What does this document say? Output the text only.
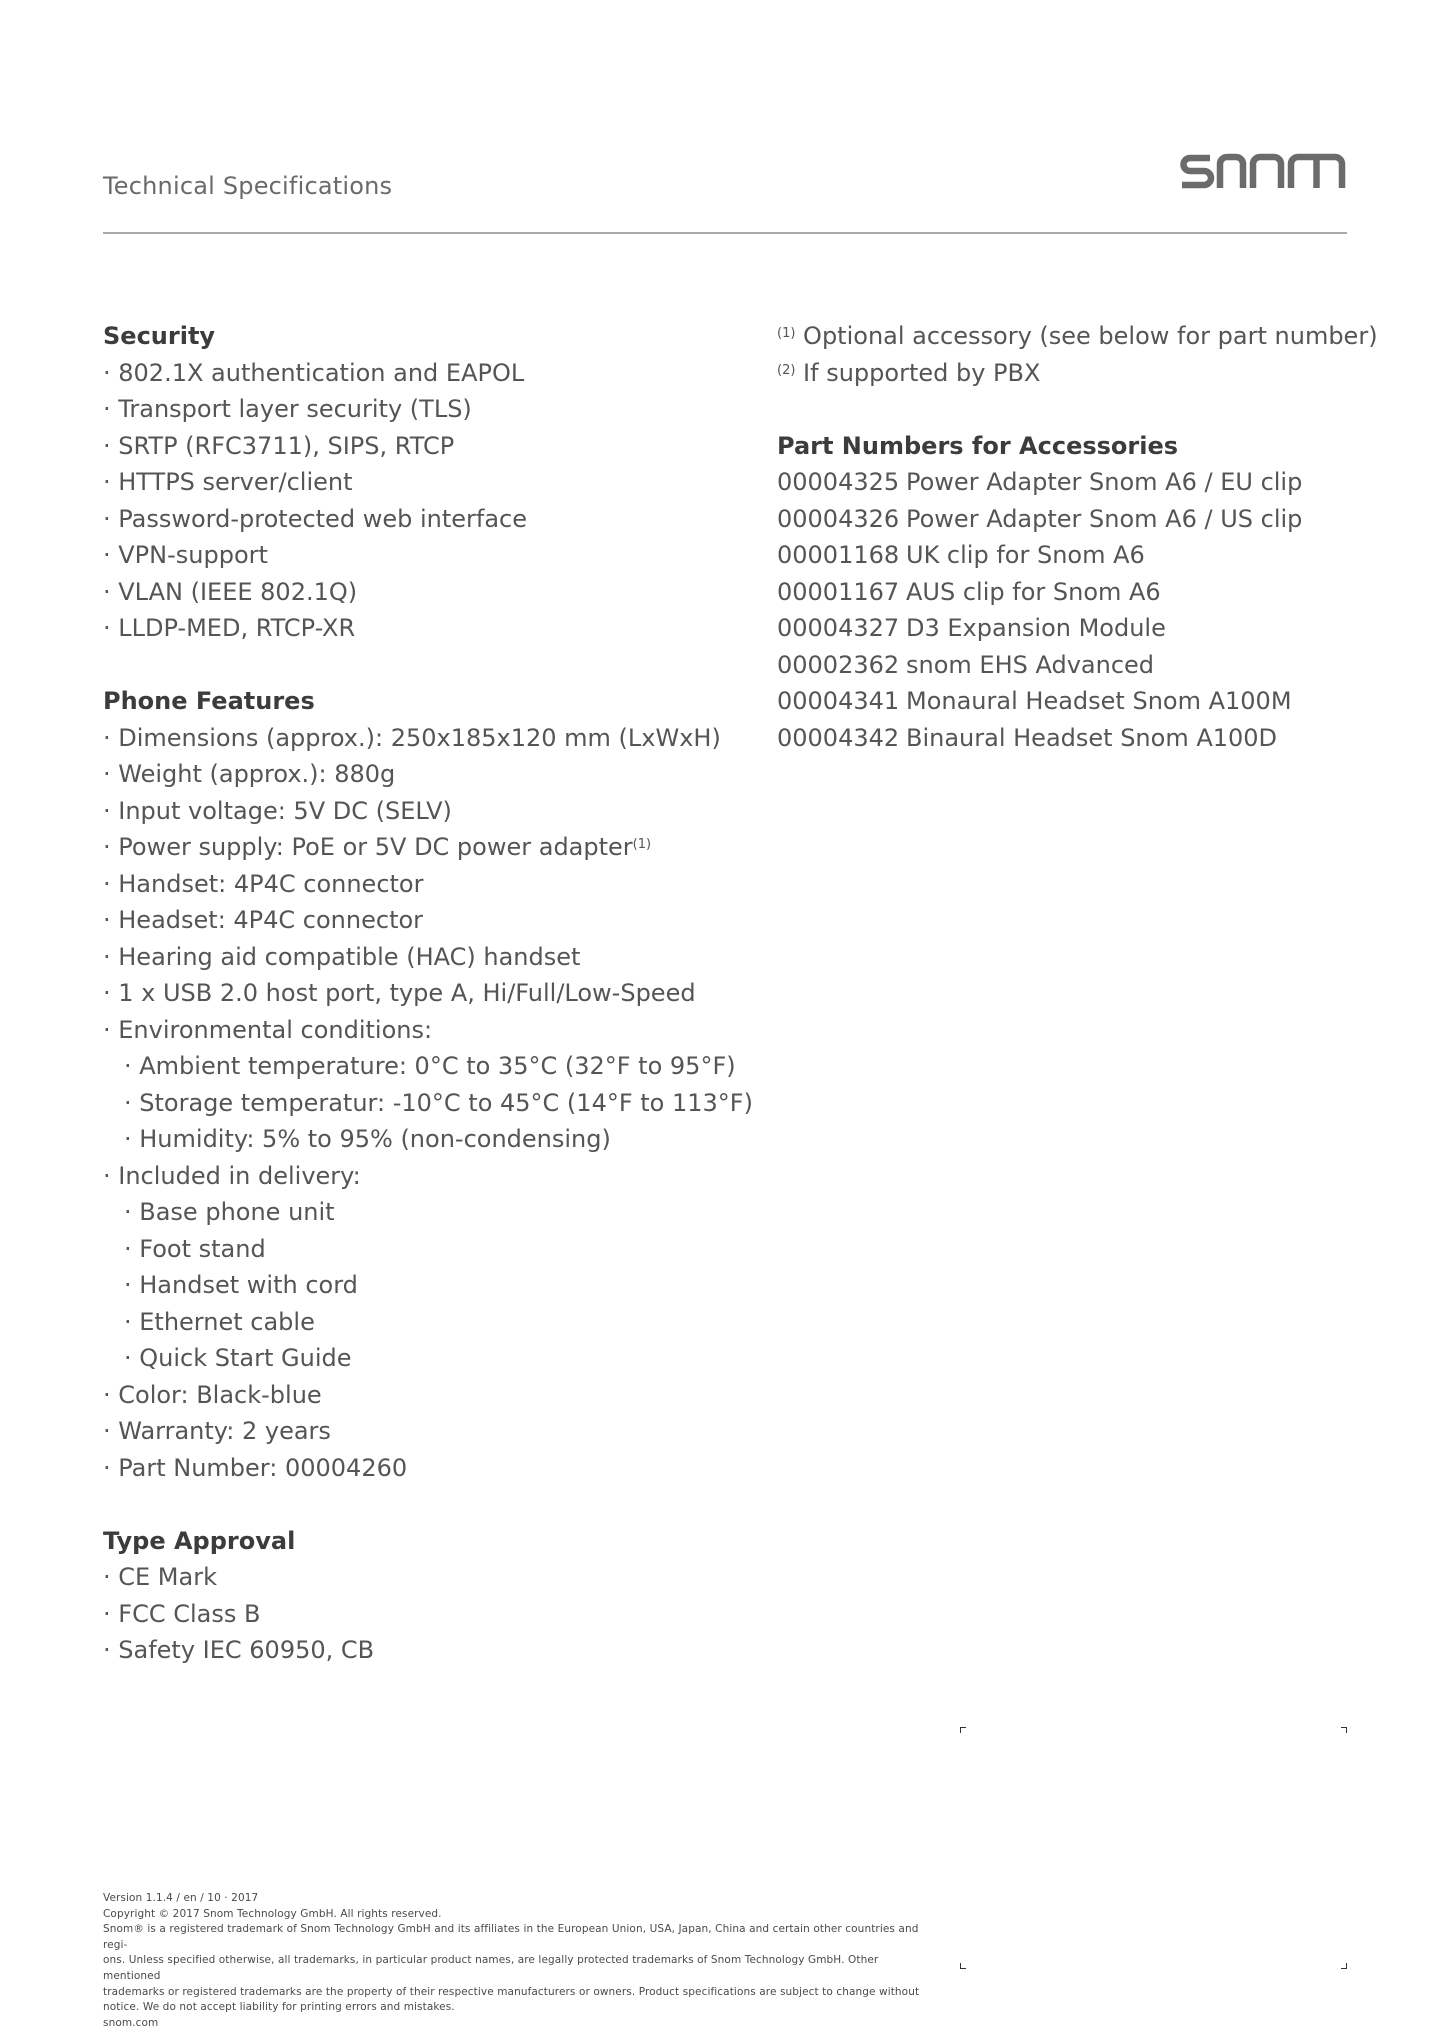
Technical Specifications
Security
· 802.1X authentication and EAPOL
· Transport layer security (TLS)
· SRTP (RFC3711), SIPS, RTCP
· HTTPS server/client
· Password-protected web interface
· VPN-support
· VLAN (IEEE 802.1Q)
· LLDP-MED, RTCP-XR
Phone Features
· Dimensions (approx.): 250x185x120 mm (LxWxH)
· Weight (approx.): 880g
· Input voltage: 5V DC (SELV)
· Power supply: PoE or 5V DC power adapter$^{(1)}$
· Handset: 4P4C connector
· Headset: 4P4C connector
· Hearing aid compatible (HAC) handset
· 1 x USB 2.0 host port, type A, Hi/Full/Low-Speed
· Environmental conditions:
· Ambient temperature: 0°C to 35°C (32°F to 95°F)
· Storage temperatur: -10°C to 45°C (14°F to 113°F)
· Humidity: 5% to 95% (non-condensing)
· Included in delivery:
· Base phone unit
· Foot stand
· Handset with cord
· Ethernet cable
· Quick Start Guide
· Color: Black-blue
· Warranty: 2 years
· Part Number: 00004260
Type Approval
· CE Mark
· FCC Class B
· Safety IEC 60950, CB
$^{(1)}$ Optional accessory (see below for part number)
$^{(2)}$ If supported by PBX
Part Numbers for Accessories
00004325 Power Adapter Snom A6 / EU clip
00004326 Power Adapter Snom A6 / US clip
00001168 UK clip for Snom A6
00001167 AUS clip for Snom A6
00004327 D3 Expansion Module
00002362 snom EHS Advanced
00004341 Monaural Headset Snom A100M
00004342 Binaural Headset Snom A100D
Version 1.1.4 / en / 10 · 2017
Copyright © 2017 Snom Technology GmbH. All rights reserved.
Snom® is a registered trademark of Snom Technology GmbH and its affiliates in the European Union, USA, Japan, China and certain other countries and regi-
ons. Unless specified otherwise, all trademarks, in particular product names, are legally protected trademarks of Snom Technology GmbH. Other mentioned
trademarks or registered trademarks are the property of their respective manufacturers or owners. Product specifications are subject to change without
notice. We do not accept liability for printing errors and mistakes.
snom.com
